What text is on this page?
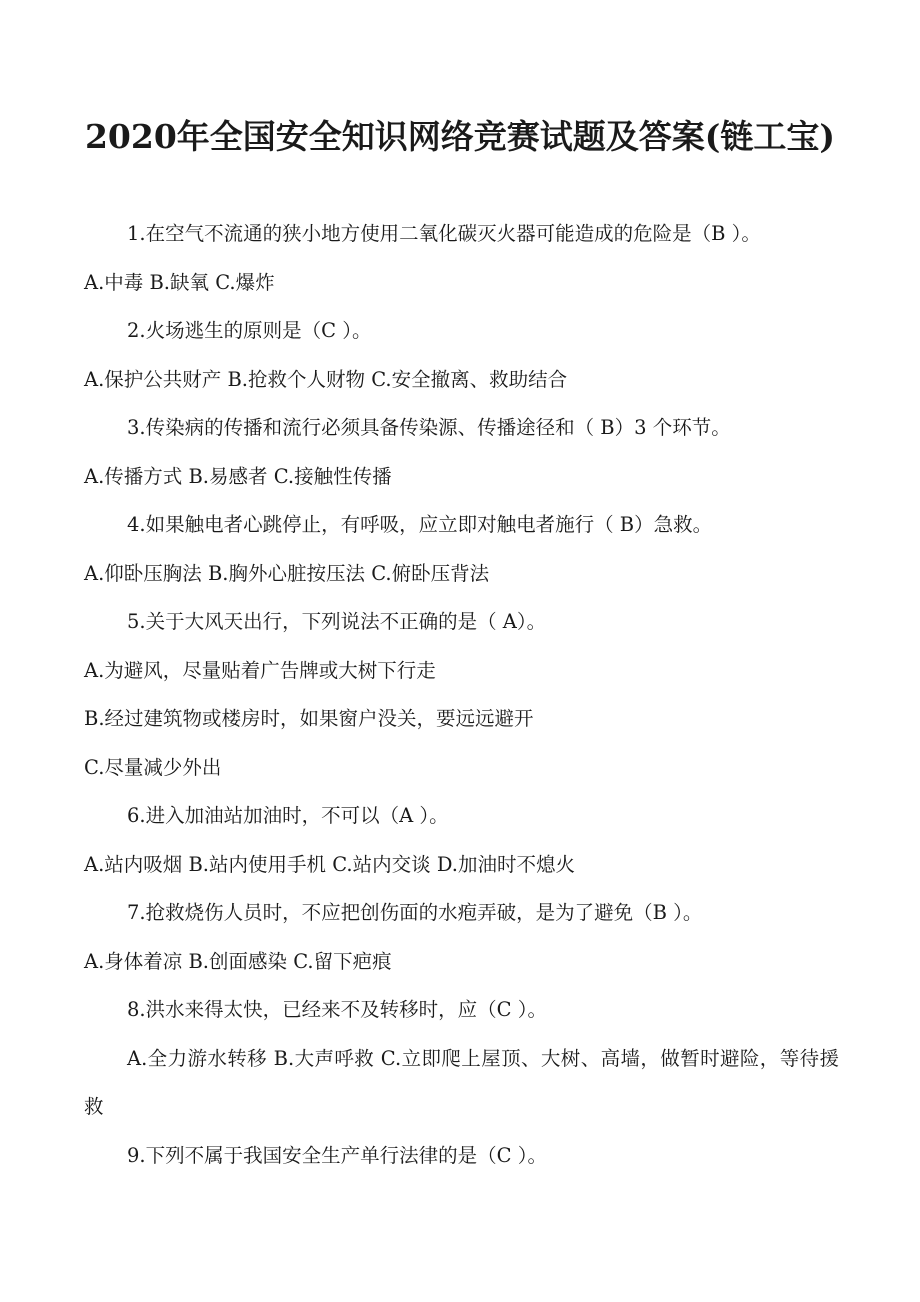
2020年全国安全知识网络竞赛试题及答案(链工宝)
1.在空气不流通的狭小地方使用二氧化碳灭火器可能造成的危险是（B ）。
A.中毒 B.缺氧 C.爆炸
2.火场逃生的原则是（C ）。
A.保护公共财产 B.抢救个人财物 C.安全撤离、救助结合
3.传染病的传播和流行必须具备传染源、传播途径和（ B）3 个环节。
A.传播方式 B.易感者 C.接触性传播
4.如果触电者心跳停止，有呼吸，应立即对触电者施行（ B）急救。
A.仰卧压胸法 B.胸外心脏按压法 C.俯卧压背法
5.关于大风天出行，下列说法不正确的是（ A）。
A.为避风，尽量贴着广告牌或大树下行走
B.经过建筑物或楼房时，如果窗户没关，要远远避开
C.尽量减少外出
6.进入加油站加油时，不可以（A ）。
A.站内吸烟 B.站内使用手机 C.站内交谈 D.加油时不熄火
7.抢救烧伤人员时，不应把创伤面的水疱弄破，是为了避免（B ）。
A.身体着凉 B.创面感染 C.留下疤痕
8.洪水来得太快，已经来不及转移时，应（C ）。
A.全力游水转移 B.大声呼救 C.立即爬上屋顶、大树、高墙，做暂时避险，等待援救
9.下列不属于我国安全生产单行法律的是（C ）。
